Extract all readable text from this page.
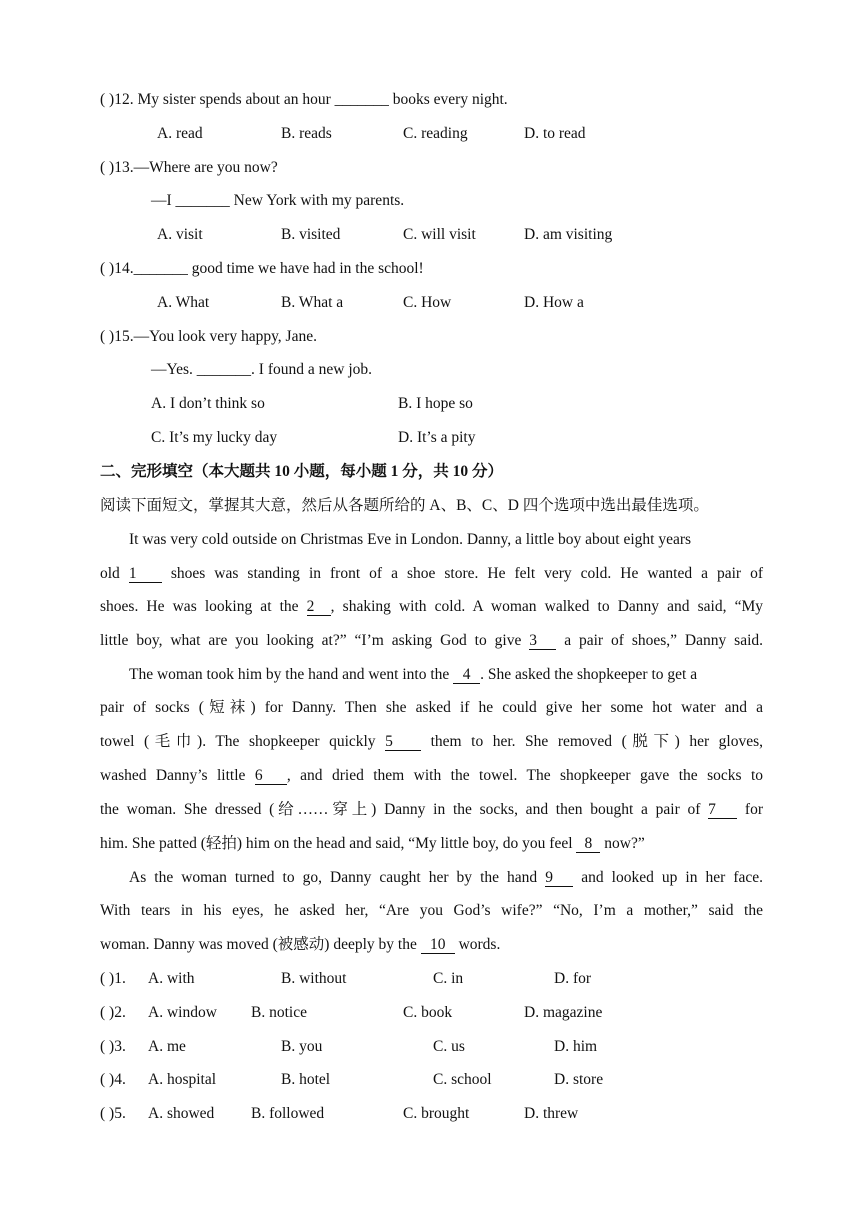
( )12. My sister spends about an hour _______ books every night.
A. read	B. reads	C. reading	D. to read
( )13.—Where are you now?
—I _______ New York with my parents.
A. visit	B. visited	C. will visit	D. am visiting
( )14._______ good time we have had in the school!
A. What	B. What a	C. How	D. How a
( )15.—You look very happy, Jane.
—Yes. _______. I found a new job.
A. I don’t think so	B. I hope so
C. It’s my lucky day	D. It’s a pity
二、完形填空（本大题共 10 小题，每小题 1 分，共 10 分）
阅读下面短文，掌握其大意，然后从各题所给的 A、B、C、D 四个选项中选出最佳选项。
It was very cold outside on Christmas Eve in London. Danny, a little boy about eight years
old 1 shoes was standing in front of a shoe store. He felt very cold. He wanted a pair of
shoes. He was looking at the 2 , shaking with cold. A woman walked to Danny and said, “My
little boy, what are you looking at?” “I’m asking God to give 3 a pair of shoes,” Danny said.
The woman took him by the hand and went into the 4 . She asked the shopkeeper to get a
pair of socks (短袜) for Danny. Then she asked if he could give her some hot water and a
towel (毛巾). The shopkeeper quickly 5 them to her. She removed (脱下) her gloves,
washed Danny’s little 6 , and dried them with the towel. The shopkeeper gave the socks to
the woman. She dressed (给……穿上) Danny in the socks, and then bought a pair of 7 for
him. She patted (轻拍) him on the head and said, “My little boy, do you feel 8 now?”
As the woman turned to go, Danny caught her by the hand 9 and looked up in her face.
With tears in his eyes, he asked her, “Are you God’s wife?” “No, I’m a mother,” said the
woman. Danny was moved (被感动) deeply by the 10 words.
( )1. A. with	B. without	C. in	D. for
( )2. A. window B. notice	C. book	D. magazine
( )3. A. me	B. you	C. us	D. him
( )4. A. hospital	B. hotel	C. school	D. store
( )5. A. showed B. followed	C. brought	D. threw
